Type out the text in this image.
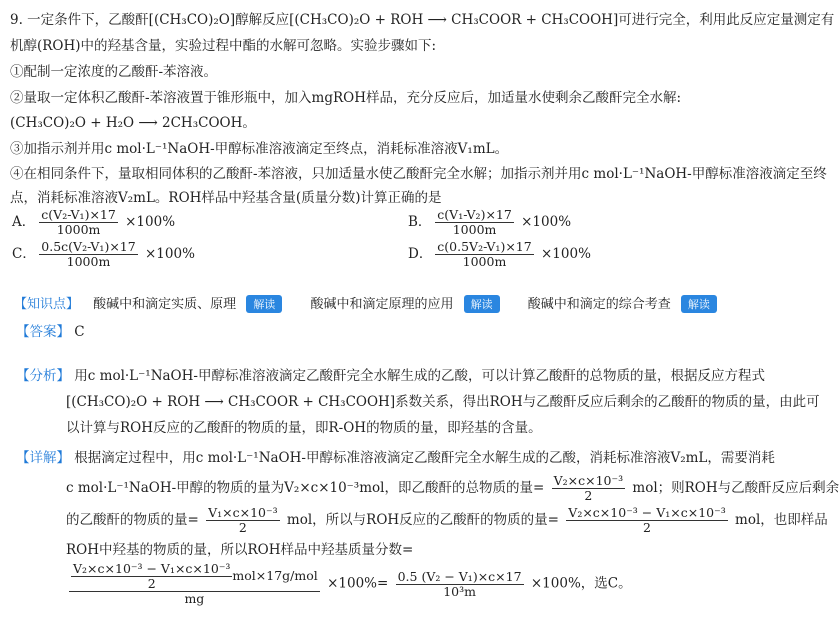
9. 一定条件下，乙酸酐[(CH₃CO)₂O]醇解反应[(CH₃CO)₂O + ROH ⟶ CH₃COOR + CH₃COOH]可进行完全，利用此反应定量测定有
机醇(ROH)中的羟基含量，实验过程中酯的水解可忽略。实验步骤如下:
①配制一定浓度的乙酸酐-苯溶液。
②量取一定体积乙酸酐-苯溶液置于锥形瓶中，加入mgROH样品，充分反应后，加适量水使剩余乙酸酐完全水解:
(CH₃CO)₂O + H₂O ⟶ 2CH₃COOH。
③加指示剂并用c mol·L⁻¹NaOH-甲醇标准溶液滴定至终点，消耗标准溶液V₁mL。
④在相同条件下，量取相同体积的乙酸酐-苯溶液，只加适量水使乙酸酐完全水解；加指示剂并用c mol·L⁻¹NaOH-甲醇标准溶液滴定至终
点，消耗标准溶液V₂mL。ROH样品中羟基含量(质量分数)计算正确的是
A． $\frac{\text{c(V₂-V₁)×17}}{1000m} \times 100\%$	B． $\frac{\text{c(V₁-V₂)×17}}{1000m} \times 100\%$
C． $\frac{\text{0.5c(V₂-V₁)×17}}{1000m} \times 100\%$	D． $\frac{\text{c(0.5V₂-V₁)×17}}{1000m} \times 100\%$
【知识点】 酸碱中和滴定实质、原理 解读	酸碱中和滴定原理的应用 解读	酸碱中和滴定的综合考查 解读
【答案】 C
【分析】 用c mol·L⁻¹NaOH-甲醇标准溶液滴定乙酸酐完全水解生成的乙酸，可以计算乙酸酐的总物质的量，根据反应方程式
[(CH₃CO)₂O + ROH ⟶ CH₃COOR + CH₃COOH]系数关系，得出ROH与乙酸酐反应后剩余的乙酸酐的物质的量，由此可
以计算与ROH反应的乙酸酐的物质的量，即R-OH的物质的量，即羟基的含量。
【详解】 根据滴定过程中，用c mol·L⁻¹NaOH-甲醇标准溶液滴定乙酸酐完全水解生成的乙酸，消耗标准溶液V₂mL，需要消耗
c mol·L⁻¹NaOH-甲醇的物质的量为V₂×c×10⁻³mol，即乙酸酐的总物质的量= $\frac{\text{V₂×c×10⁻³}}{2}$ mol；则ROH与乙酸酐反应后剩余
的乙酸酐的物质的量= $\frac{\text{V₁×c×10⁻³}}{2}$ mol，所以与ROH反应的乙酸酐的物质的量= $\frac{\text{V₂×c×10⁻³ − V₁×c×10⁻³}}{2}$ mol，也即样品
ROH中羟基的物质的量，所以ROH样品中羟基质量分数=
$\frac{\frac{\text{V₂×c×10⁻³ − V₁×c×10⁻³}}{2} mol\times 17g/mol}{mg} \times 100\%= \frac{\text{0.5 (V₂ − V₁)×c×17}}{\text{10³m}} \times 100\%$，选C。
